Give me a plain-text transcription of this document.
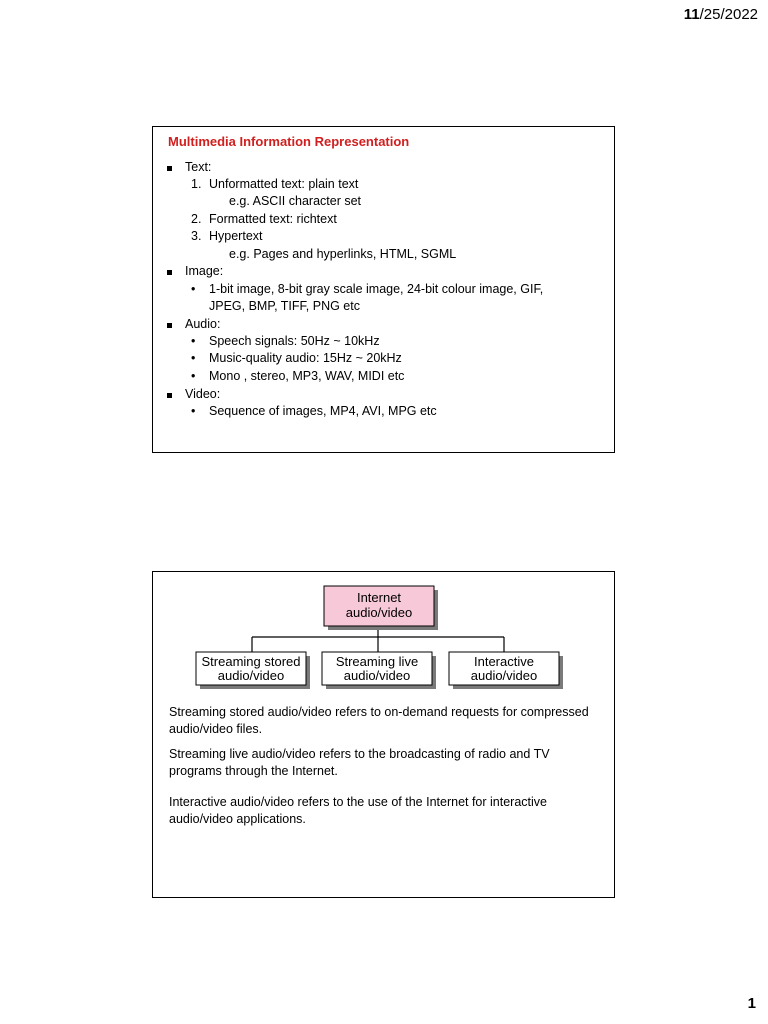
11/25/2022
Multimedia Information Representation
Text:
1. Unformatted text: plain text
e.g. ASCII character set
2. Formatted text: richtext
3. Hypertext
e.g. Pages and hyperlinks, HTML, SGML
Image:
•	1-bit image, 8-bit gray scale image, 24-bit colour image, GIF,
JPEG, BMP, TIFF, PNG etc
Audio:
•	Speech signals: 50Hz ~ 10kHz
•	Music-quality audio: 15Hz ~ 20kHz
•	Mono , stereo, MP3, WAV, MIDI etc
Video:
•	Sequence of images, MP4, AVI, MPG etc
Internet
audio/video
Streaming stored
audio/video
Streaming live
audio/video
Interactive
audio/video
Streaming stored audio/video refers to on-demand requests for compressed audio/video files.
Streaming live audio/video refers to the broadcasting of radio and TV programs through the Internet.
Interactive audio/video refers to the use of the Internet for interactive audio/video applications.
1
